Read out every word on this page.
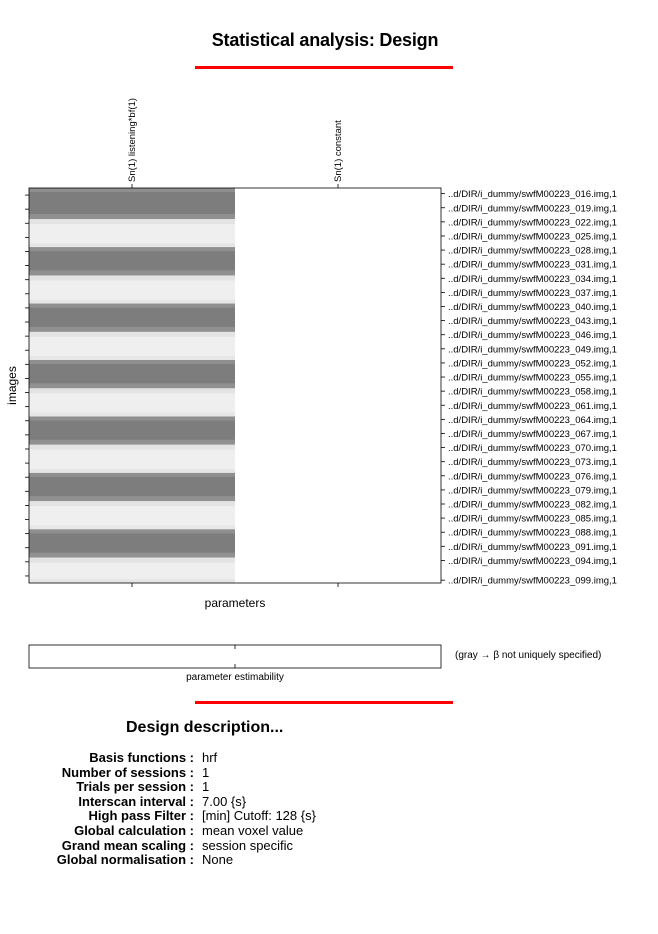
Statistical analysis: Design
..d/DIR/i_dummy/swfM00223_016.img,1
..d/DIR/i_dummy/swfM00223_019.img,1
..d/DIR/i_dummy/swfM00223_022.img,1
..d/DIR/i_dummy/swfM00223_025.img,1
..d/DIR/i_dummy/swfM00223_028.img,1
..d/DIR/i_dummy/swfM00223_031.img,1
..d/DIR/i_dummy/swfM00223_034.img,1
..d/DIR/i_dummy/swfM00223_037.img,1
..d/DIR/i_dummy/swfM00223_040.img,1
..d/DIR/i_dummy/swfM00223_043.img,1
..d/DIR/i_dummy/swfM00223_046.img,1
..d/DIR/i_dummy/swfM00223_049.img,1
..d/DIR/i_dummy/swfM00223_052.img,1
..d/DIR/i_dummy/swfM00223_055.img,1
..d/DIR/i_dummy/swfM00223_058.img,1
..d/DIR/i_dummy/swfM00223_061.img,1
..d/DIR/i_dummy/swfM00223_064.img,1
..d/DIR/i_dummy/swfM00223_067.img,1
..d/DIR/i_dummy/swfM00223_070.img,1
..d/DIR/i_dummy/swfM00223_073.img,1
..d/DIR/i_dummy/swfM00223_076.img,1
..d/DIR/i_dummy/swfM00223_079.img,1
..d/DIR/i_dummy/swfM00223_082.img,1
..d/DIR/i_dummy/swfM00223_085.img,1
..d/DIR/i_dummy/swfM00223_088.img,1
..d/DIR/i_dummy/swfM00223_091.img,1
..d/DIR/i_dummy/swfM00223_094.img,1
..d/DIR/i_dummy/swfM00223_099.img,1
Sn(1) listening*bf(1)	Sn(1) constant
parameters
images
(gray → β not uniquely specified)
parameter estimability
Design description...
Basis functions : hrf
Number of sessions : 1
Trials per session : 1
Interscan interval : 7.00 {s}
High pass Filter : [min] Cutoff: 128 {s}
Global calculation : mean voxel value
Grand mean scaling : session specific
Global normalisation : None
